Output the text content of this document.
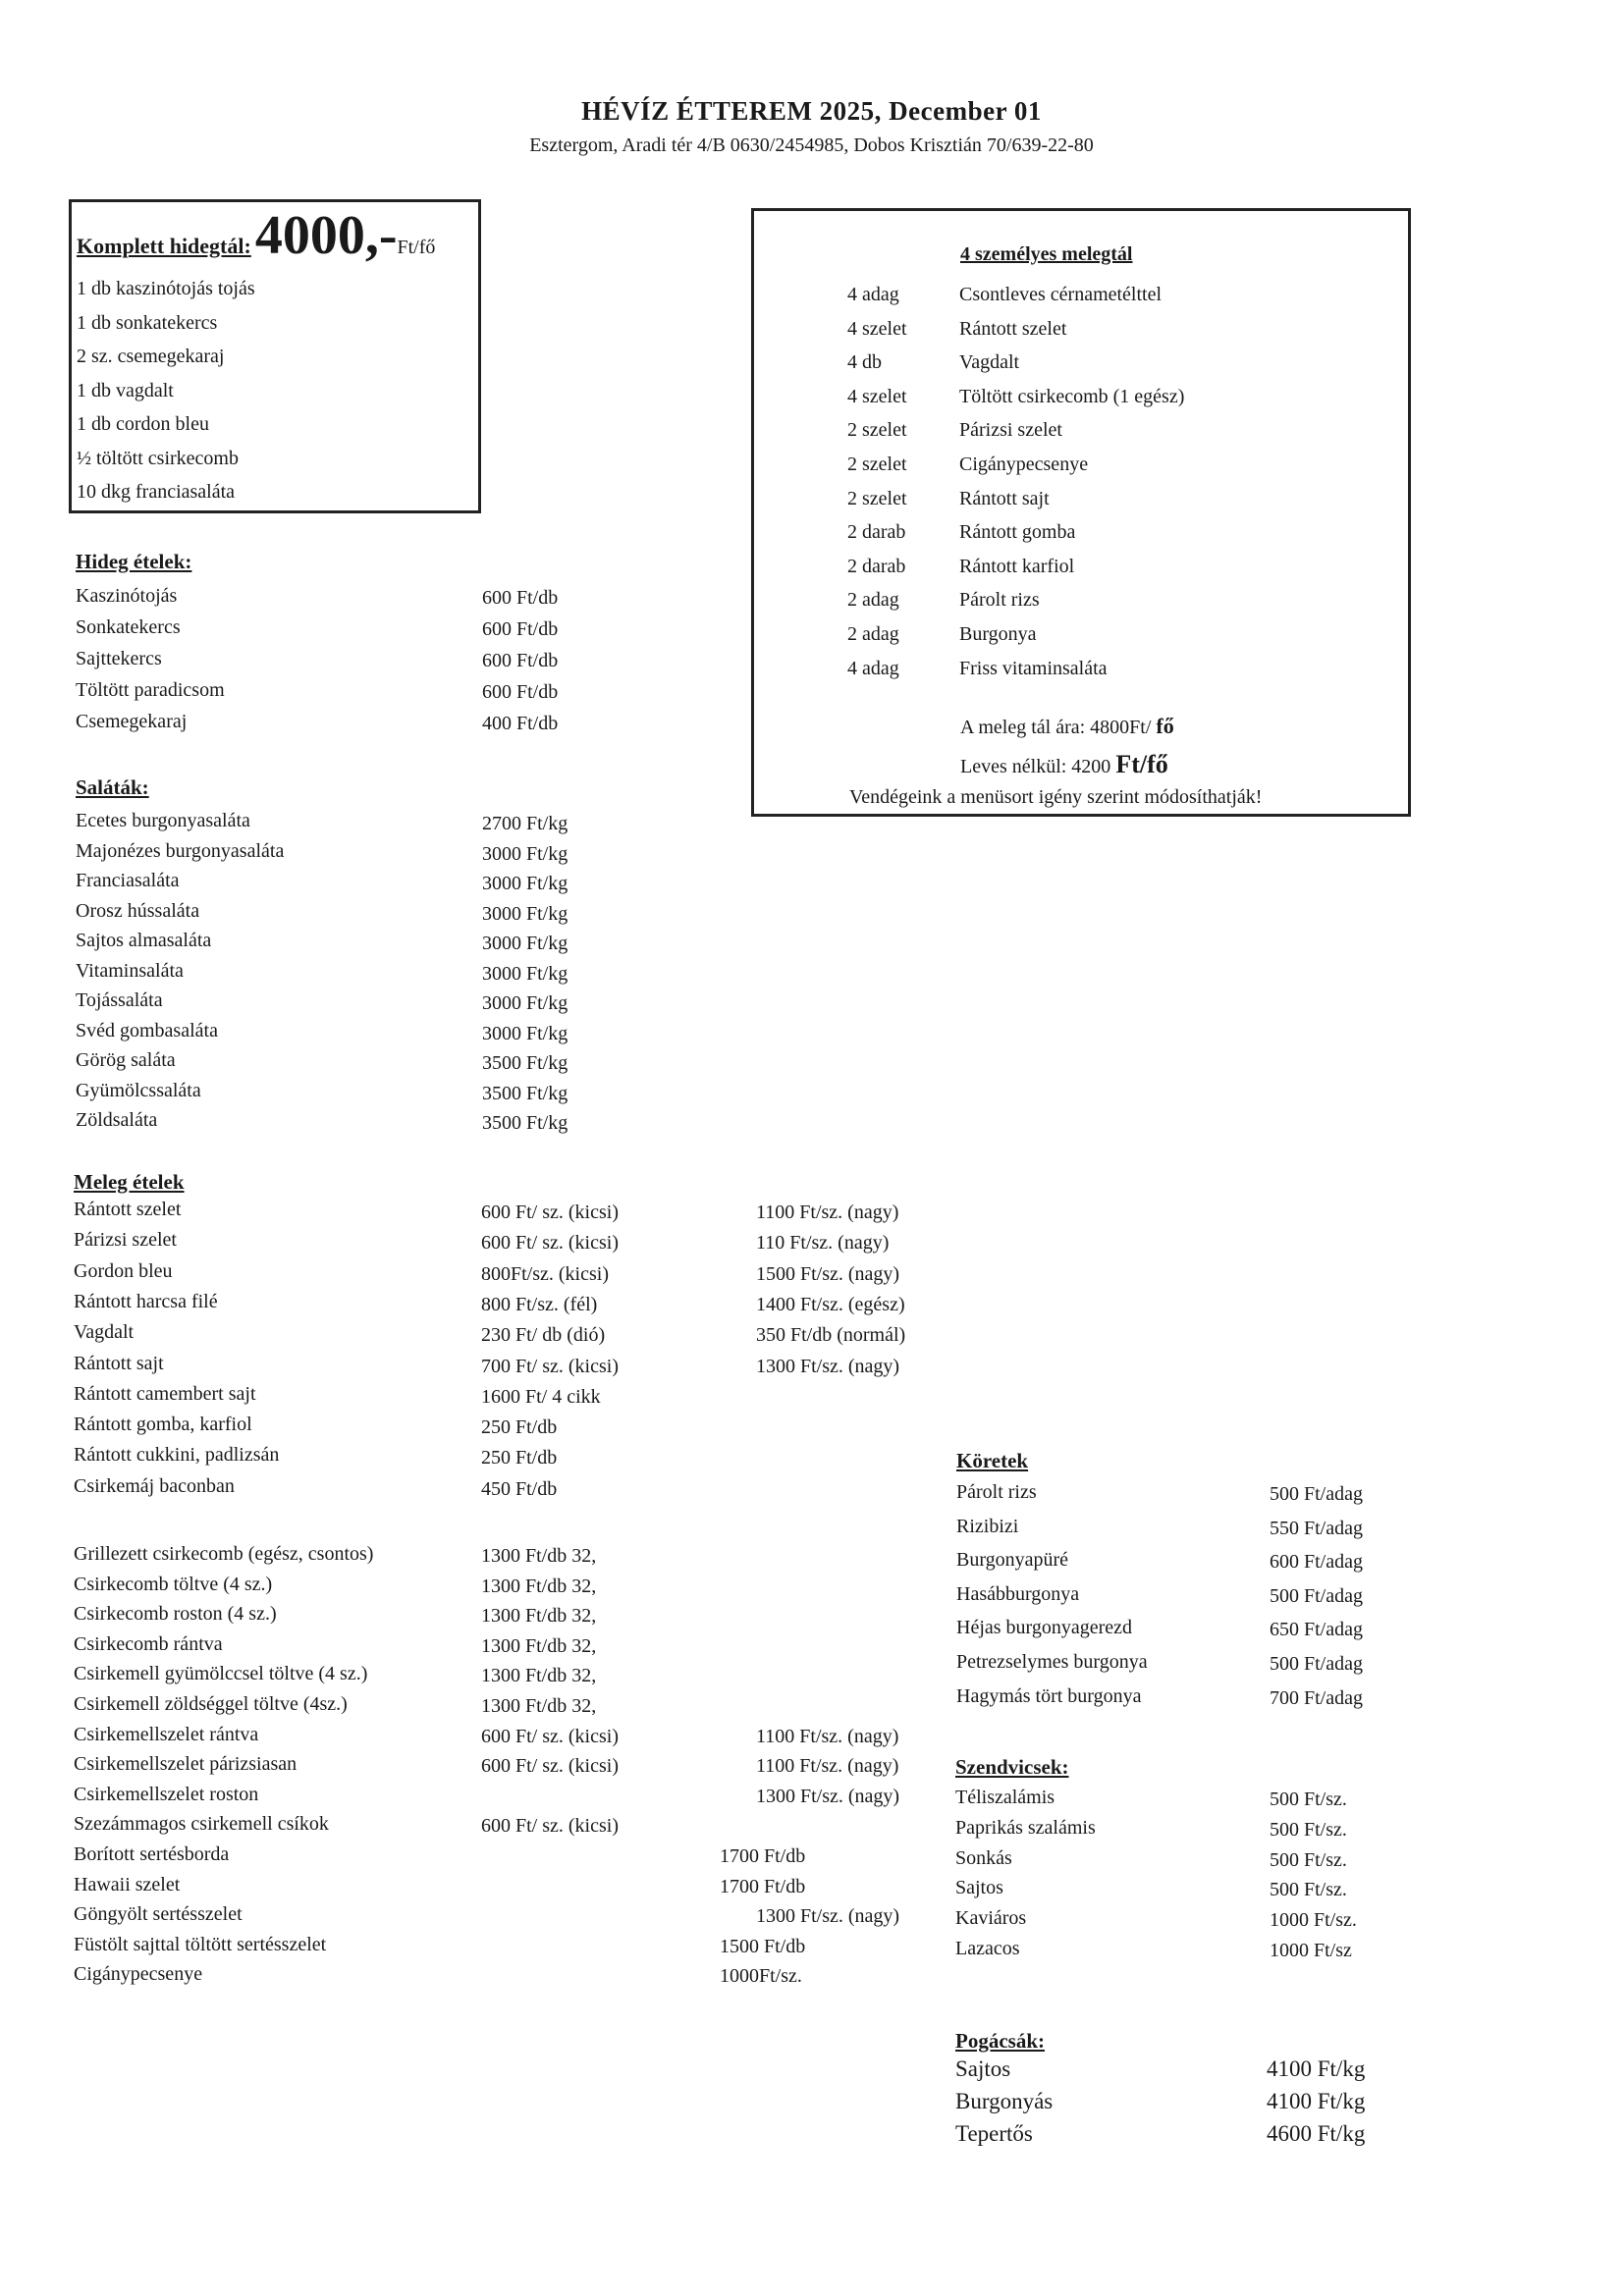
HÉVÍZ ÉTTEREM 2025, December 01
Esztergom, Aradi tér 4/B 0630/2454985, Dobos Krisztián 70/639-22-80
Komplett hidegtál: 4000,-Ft/fő
1 db kaszinótojás tojás
1 db sonkatekercs
2 sz. csemegekaraj
1 db vagdalt
1 db cordon bleu
½ töltött csirkecomb
10 dkg franciasaláta
4 személyes melegtál
4 adag	Csontleves cérnametélttel
4 szelet	Rántott szelet
4 db	Vagdalt
4 szelet	Töltött csirkecomb (1 egész)
2 szelet	Párizsi szelet
2 szelet	Cigánypecsenye
2 szelet	Rántott sajt
2 darab	Rántott gomba
2 darab	Rántott karfiol
2 adag	Párolt rizs
2 adag	Burgonya
4 adag	Friss vitaminsaláta
A meleg tál ára: 4800Ft/ fő
Leves nélkül: 4200 Ft/fő
Vendégeink a menüsort igény szerint módosíthatják!
Hideg ételek:
Kaszinótojás	600 Ft/db
Sonkatekercs	600 Ft/db
Sajttekercs	600 Ft/db
Töltött paradicsom	600 Ft/db
Csemegekaraj	400 Ft/db
Saláták:
Ecetes burgonyasaláta	2700 Ft/kg
Majonézes burgonyasaláta	3000 Ft/kg
Franciasaláta	3000 Ft/kg
Orosz hússaláta	3000 Ft/kg
Sajtos almasaláta	3000 Ft/kg
Vitaminsaláta	3000 Ft/kg
Tojássaláta	3000 Ft/kg
Svéd gombasaláta	3000 Ft/kg
Görög saláta	3500 Ft/kg
Gyümölcssaláta	3500 Ft/kg
Zöldsaláta	3500 Ft/kg
Meleg ételek
Rántott szelet	600 Ft/ sz. (kicsi)	1100 Ft/sz. (nagy)
Párizsi szelet	600 Ft/ sz. (kicsi)	110 Ft/sz. (nagy)
Gordon bleu	800Ft/sz. (kicsi)	1500 Ft/sz. (nagy)
Rántott harcsa filé	800 Ft/sz. (fél)	1400 Ft/sz. (egész)
Vagdalt	230 Ft/ db (dió)	350 Ft/db (normál)
Rántott sajt	700 Ft/ sz. (kicsi)	1300 Ft/sz. (nagy)
Rántott camembert sajt	1600 Ft/ 4 cikk
Rántott gomba, karfiol	250 Ft/db
Rántott cukkini, padlizsán	250 Ft/db
Csirkemáj baconban	450 Ft/db
Grillezett csirkecomb (egész, csontos)	1300 Ft/db 32,
Csirkecomb töltve (4 sz.)	1300 Ft/db 32,
Csirkecomb roston (4 sz.)	1300 Ft/db 32,
Csirkecomb rántva	1300 Ft/db 32,
Csirkemell gyümölccsel töltve (4 sz.)	1300 Ft/db 32,
Csirkemell zöldséggel töltve (4sz.)	1300 Ft/db 32,
Csirkemellszelet rántva	600 Ft/ sz. (kicsi)	1100 Ft/sz. (nagy)
Csirkemellszelet párizsiasan	600 Ft/ sz. (kicsi)	1100 Ft/sz. (nagy)
Csirkemellszelet roston	1300 Ft/sz. (nagy)
Szezámmagos csirkemell csíkok	600 Ft/ sz. (kicsi)
Borított sertésborda	1700 Ft/db
Hawaii szelet	1700 Ft/db
Göngyölt sertésszelet	1300 Ft/sz. (nagy)
Füstölt sajttal töltött sertésszelet	1500 Ft/db
Cigánypecsenye	1000Ft/sz.
Köretek
Párolt rizs	500 Ft/adag
Rizibizi	550 Ft/adag
Burgonyapüré	600 Ft/adag
Hasábburgonya	500 Ft/adag
Héjas burgonyagerezd	650 Ft/adag
Petrezselymes burgonya	500 Ft/adag
Hagymás tört burgonya	700 Ft/adag
Szendvicsek:
Téliszalámis	500 Ft/sz.
Paprikás szalámis	500 Ft/sz.
Sonkás	500 Ft/sz.
Sajtos	500 Ft/sz.
Kaviáros	1000 Ft/sz.
Lazacos	1000 Ft/sz
Pogácsák:
Sajtos	4100 Ft/kg
Burgonyás	4100 Ft/kg
Tepertős	4600 Ft/kg
